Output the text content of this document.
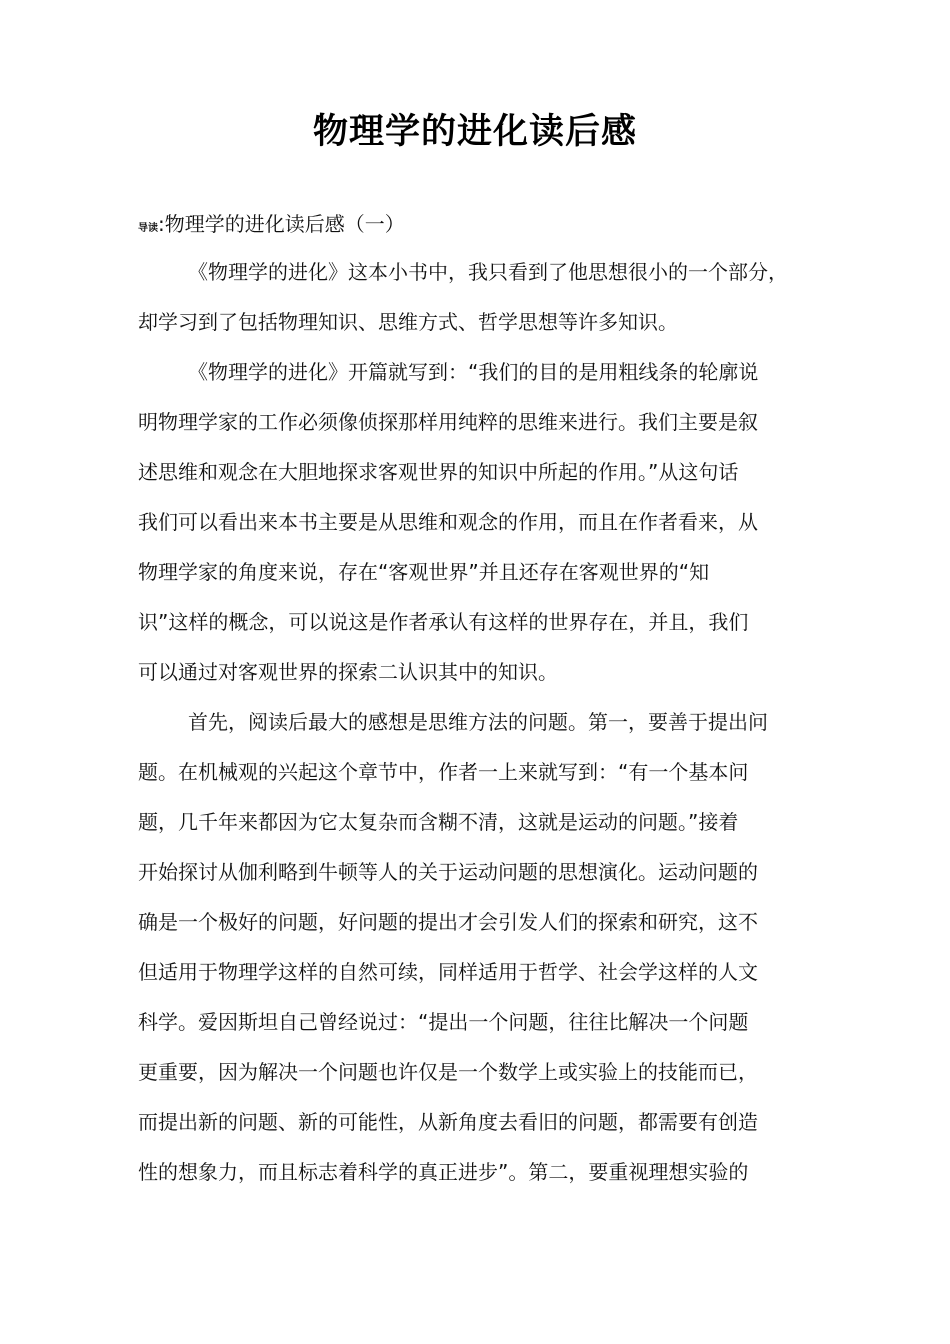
物理学的进化读后感
导读:物理学的进化读后感（一）
《物理学的进化》这本小书中，我只看到了他思想很小的一个部分，
却学习到了包括物理知识、思维方式、哲学思想等许多知识。
《物理学的进化》开篇就写到：“我们的目的是用粗线条的轮廓说
明物理学家的工作必须像侦探那样用纯粹的思维来进行。我们主要是叙
述思维和观念在大胆地探求客观世界的知识中所起的作用。”从这句话
我们可以看出来本书主要是从思维和观念的作用，而且在作者看来，从
物理学家的角度来说，存在“客观世界”并且还存在客观世界的“知
识”这样的概念，可以说这是作者承认有这样的世界存在，并且，我们
可以通过对客观世界的探索二认识其中的知识。
首先，阅读后最大的感想是思维方法的问题。第一，要善于提出问
题。在机械观的兴起这个章节中，作者一上来就写到：“有一个基本问
题，几千年来都因为它太复杂而含糊不清，这就是运动的问题。”接着
开始探讨从伽利略到牛顿等人的关于运动问题的思想演化。运动问题的
确是一个极好的问题，好问题的提出才会引发人们的探索和研究，这不
但适用于物理学这样的自然可续，同样适用于哲学、社会学这样的人文
科学。爱因斯坦自己曾经说过：“提出一个问题，往往比解决一个问题
更重要，因为解决一个问题也许仅是一个数学上或实验上的技能而已，
而提出新的问题、新的可能性，从新角度去看旧的问题，都需要有创造
性的想象力，而且标志着科学的真正进步”。第二，要重视理想实验的
